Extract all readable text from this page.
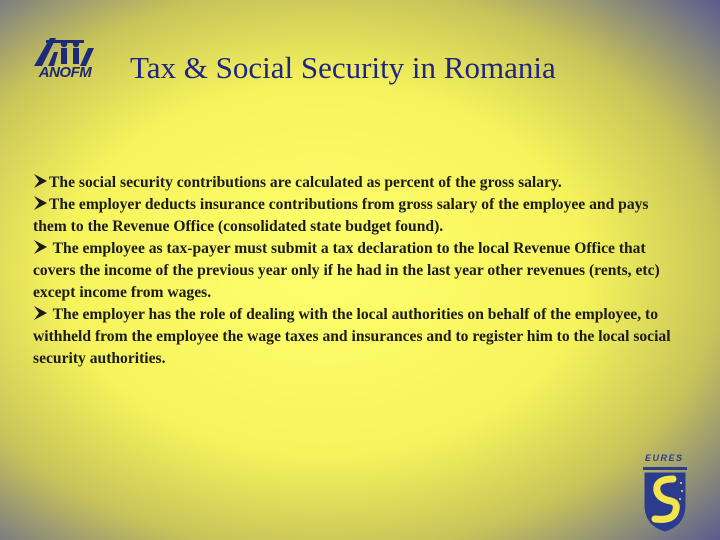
ANOFM	Tax & Social Security in Romania

The social security contributions are calculated as percent of the gross salary.

The employer deducts insurance contributions from gross salary of the employee and pays them to the Revenue Office (consolidated state budget found).

The employee as tax-payer must submit a tax declaration to the local Revenue Office that covers the income of the previous year only if he had in the last year other revenues (rents, etc) except income from wages.

The employer has the role of dealing with the local authorities on behalf of the employee, to withheld from the employee the wage taxes and insurances and to register him to the local social security authorities.

EURES
